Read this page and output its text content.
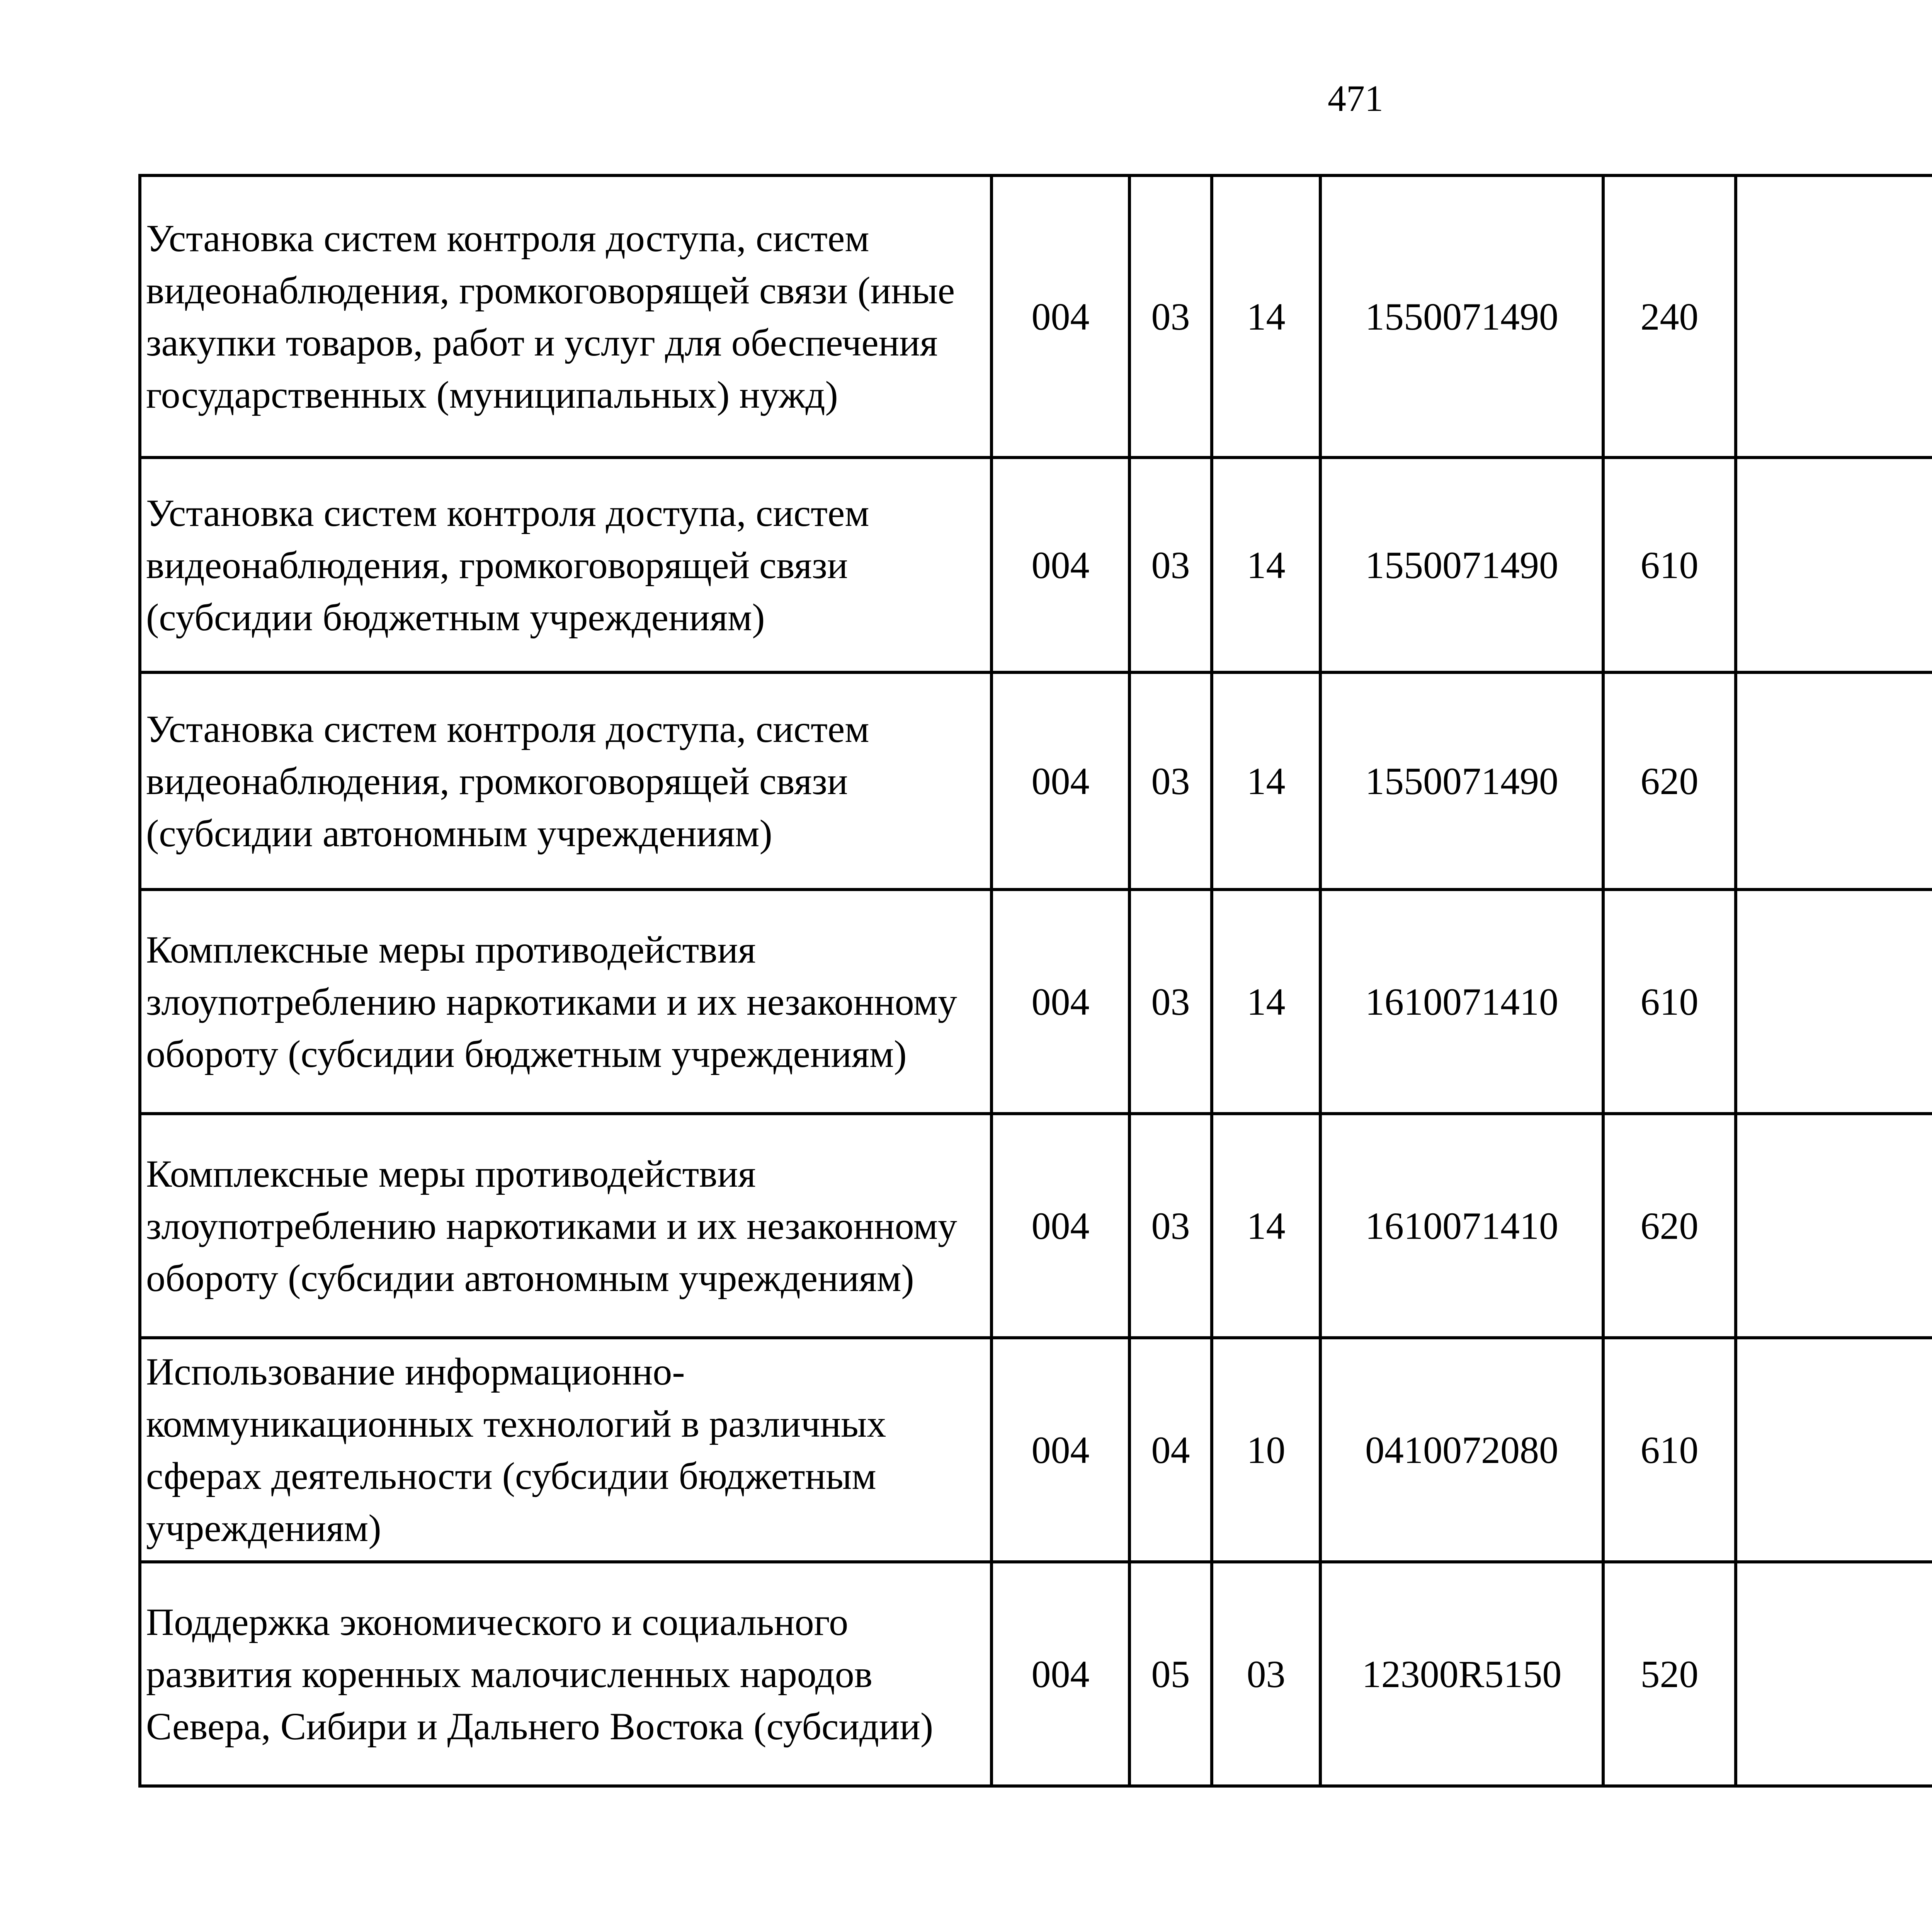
471
Установка систем контроля доступа, систем видеонаблюдения, громкоговорящей связи (иные закупки товаров, работ и услуг для обеспечения государственных (муниципальных) нужд)	004	03	14	1550071490	240			
Установка систем контроля доступа, систем видеонаблюдения, громкоговорящей связи (субсидии бюджетным учреждениям)	004	03	14	1550071490	610			
Установка систем контроля доступа, систем видеонаблюдения, громкоговорящей связи (субсидии автономным учреждениям)	004	03	14	1550071490	620			
Комплексные меры противодействия злоупотреблению наркотиками и их незаконному обороту (субсидии бюджетным учреждениям)	004	03	14	1610071410	610			
Комплексные меры противодействия злоупотреблению наркотиками и их незаконному обороту (субсидии автономным учреждениям)	004	03	14	1610071410	620			
Использование информационно-коммуникационных технологий в различных сферах деятельности (субсидии бюджетным учреждениям)	004	04	10	0410072080	610			
Поддержка экономического и социального развития коренных малочисленных народов Севера, Сибири и Дальнего Востока (субсидии)	004	05	03	12300R5150	520			
